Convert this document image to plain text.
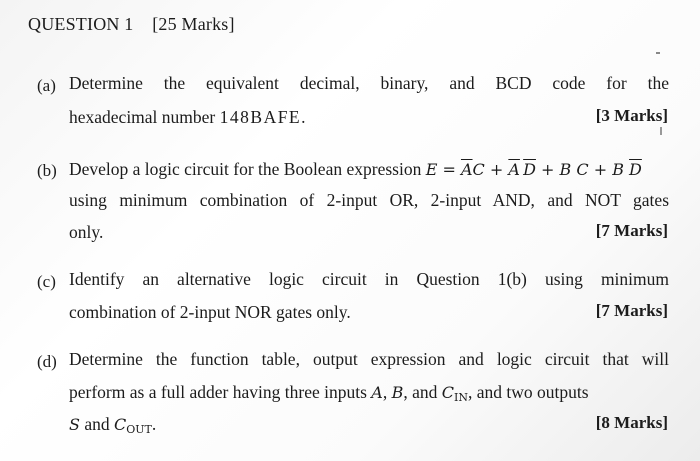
QUESTION 1 [25 Marks]
(a) Determine the equivalent decimal, binary, and BCD code for the
hexadecimal number 148BAFE.	[3 Marks]
(b) Develop a logic circuit for the Boolean expression $E = \overline{A}C + \overline{A}$  $\overline{D} + B$ C + B $\overline{D}$
using minimum combination of 2-input OR, 2-input AND, and NOT gates
only.	[7 Marks]
(c) Identify an alternative logic circuit in Question 1(b) using minimum
combination of 2-input NOR gates only.	[7 Marks]
(d) Determine the function table, output expression and logic circuit that will
perform as a full adder having three inputs A, B, and $C_{IN}$, and two outputs
S and $C_{OUT}$.	[8 Marks]
